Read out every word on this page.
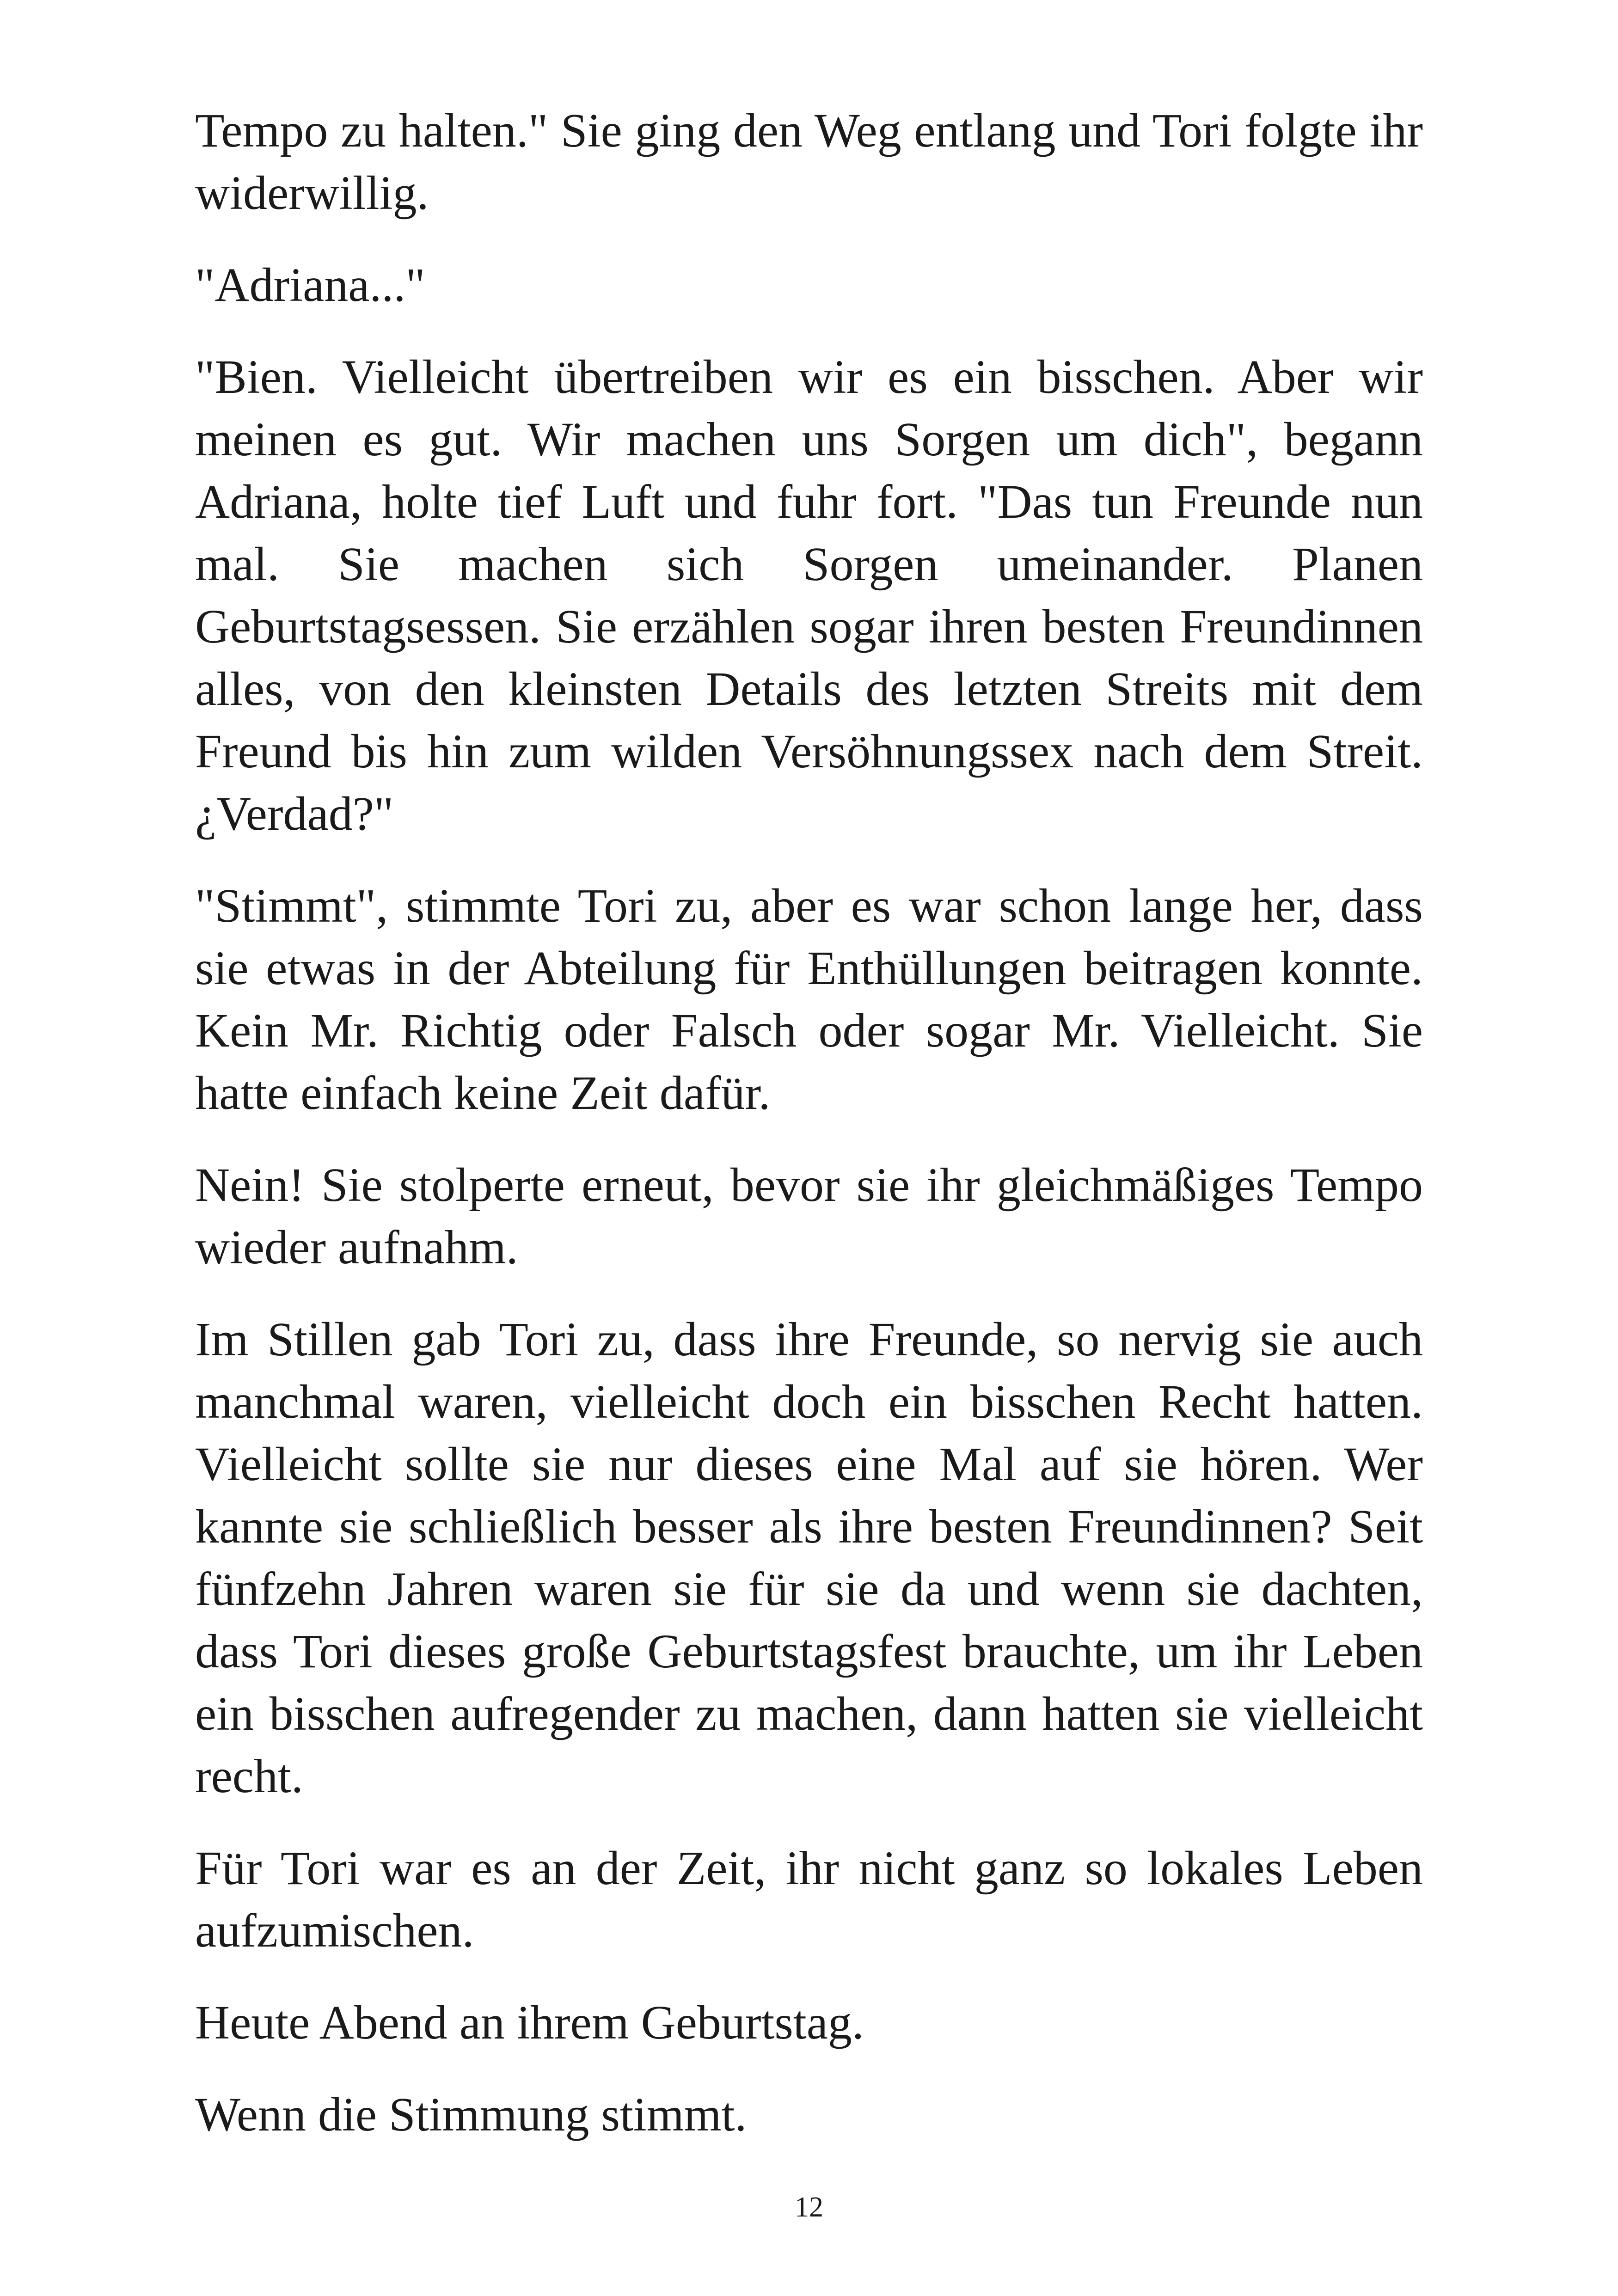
Tempo zu halten." Sie ging den Weg entlang und Tori folgte ihr widerwillig.

"Adriana..."

"Bien. Vielleicht übertreiben wir es ein bisschen. Aber wir meinen es gut. Wir machen uns Sorgen um dich", begann Adriana, holte tief Luft und fuhr fort. "Das tun Freunde nun mal. Sie machen sich Sorgen umeinander. Planen Geburtstagsessen. Sie erzählen sogar ihren besten Freundinnen alles, von den kleinsten Details des letzten Streits mit dem Freund bis hin zum wilden Versöhnungssex nach dem Streit. ¿Verdad?"

"Stimmt", stimmte Tori zu, aber es war schon lange her, dass sie etwas in der Abteilung für Enthüllungen beitragen konnte. Kein Mr. Richtig oder Falsch oder sogar Mr. Vielleicht. Sie hatte einfach keine Zeit dafür.

Nein! Sie stolperte erneut, bevor sie ihr gleichmäßiges Tempo wieder aufnahm.

Im Stillen gab Tori zu, dass ihre Freunde, so nervig sie auch manchmal waren, vielleicht doch ein bisschen Recht hatten. Vielleicht sollte sie nur dieses eine Mal auf sie hören. Wer kannte sie schließlich besser als ihre besten Freundinnen? Seit fünfzehn Jahren waren sie für sie da und wenn sie dachten, dass Tori dieses große Geburtstagsfest brauchte, um ihr Leben ein bisschen aufregender zu machen, dann hatten sie vielleicht recht.

Für Tori war es an der Zeit, ihr nicht ganz so lokales Leben aufzumischen.

Heute Abend an ihrem Geburtstag.

Wenn die Stimmung stimmt.

12
